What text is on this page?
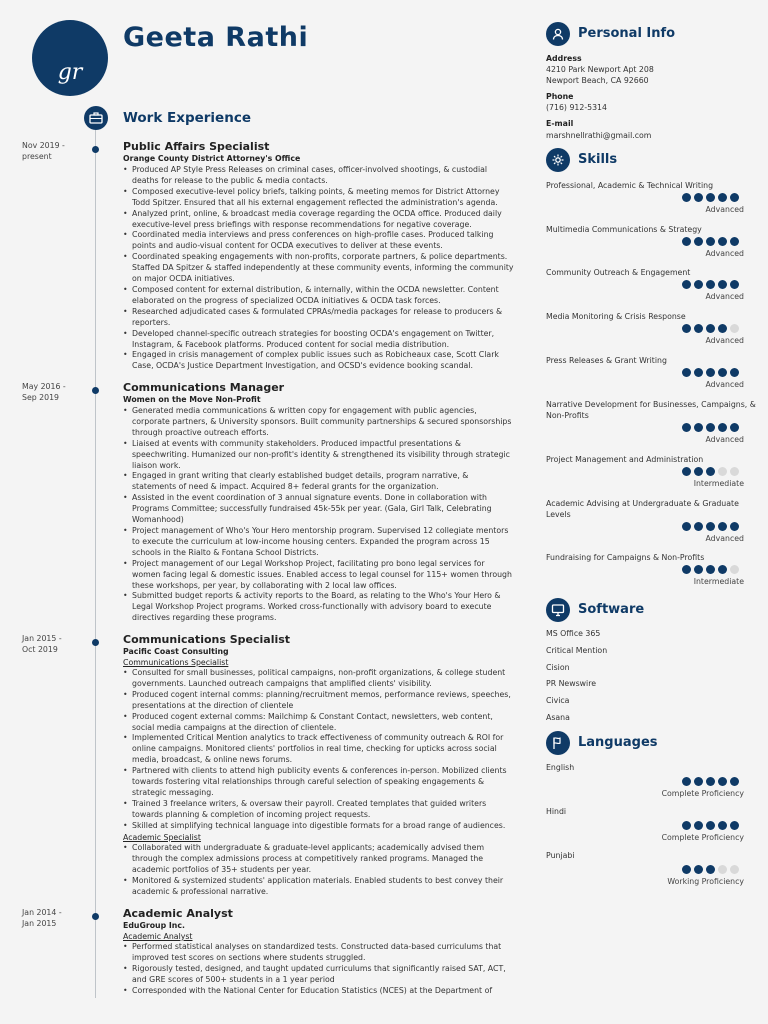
gr
Geeta Rathi
Work Experience
Nov 2019 -
present
Public Affairs Specialist
Orange County District Attorney's Office
• Produced AP Style Press Releases on criminal cases, officer-involved shootings, & custodial deaths for release to the public & media contacts.
• Composed executive-level policy briefs, talking points, & meeting memos for District Attorney Todd Spitzer. Ensured that all his external engagement reflected the administration's agenda.
• Analyzed print, online, & broadcast media coverage regarding the OCDA office. Produced daily executive-level press briefings with response recommendations for negative coverage.
• Coordinated media interviews and press conferences on high-profile cases. Produced talking points and audio-visual content for OCDA executives to deliver at these events.
• Coordinated speaking engagements with non-profits, corporate partners, & police departments. Staffed DA Spitzer & staffed independently at these community events, informing the community on major OCDA initiatives.
• Composed content for external distribution, & internally, within the OCDA newsletter. Content elaborated on the progress of specialized OCDA initiatives & OCDA task forces.
• Researched adjudicated cases & formulated CPRAs/media packages for release to producers & reporters.
• Developed channel-specific outreach strategies for boosting OCDA's engagement on Twitter, Instagram, & Facebook platforms. Produced content for social media distribution.
• Engaged in crisis management of complex public issues such as Robicheaux case, Scott Clark Case, OCDA's Justice Department Investigation, and OCSD's evidence booking scandal.
May 2016 -
Sep 2019
Communications Manager
Women on the Move Non-Profit
• Generated media communications & written copy for engagement with public agencies, corporate partners, & University sponsors. Built community partnerships & secured sponsorships through proactive outreach efforts.
• Liaised at events with community stakeholders. Produced impactful presentations & speechwriting. Humanized our non-profit's identity & strengthened its visibility through strategic liaison work.
• Engaged in grant writing that clearly established budget details, program narrative, & statements of need & impact. Acquired 8+ federal grants for the organization.
• Assisted in the event coordination of 3 annual signature events. Done in collaboration with Programs Committee; successfully fundraised 45k-55k per year. (Gala, Girl Talk, Celebrating Womanhood)
• Project management of Who's Your Hero mentorship program. Supervised 12 collegiate mentors to execute the curriculum at low-income housing centers. Expanded the program across 15 schools in the Rialto & Fontana School Districts.
• Project management of our Legal Workshop Project, facilitating pro bono legal services for women facing legal & domestic issues. Enabled access to legal counsel for 115+ women through these workshops, per year, by collaborating with 2 local law offices.
• Submitted budget reports & activity reports to the Board, as relating to the Who's Your Hero & Legal Workshop Project programs. Worked cross-functionally with advisory board to execute directives regarding these programs.
Jan 2015 -
Oct 2019
Communications Specialist
Pacific Coast Consulting
Communications Specialist
• Consulted for small businesses, political campaigns, non-profit organizations, & college student governments. Launched outreach campaigns that amplified clients' visibility.
• Produced cogent internal comms: planning/recruitment memos, performance reviews, speeches, presentations at the direction of clientele
• Produced cogent external comms: Mailchimp & Constant Contact, newsletters, web content, social media campaigns at the direction of clientele.
• Implemented Critical Mention analytics to track effectiveness of community outreach & ROI for online campaigns. Monitored clients' portfolios in real time, checking for upticks across social media, broadcast, & online news forums.
• Partnered with clients to attend high publicity events & conferences in-person. Mobilized clients towards fostering vital relationships through careful selection of speaking engagements & strategic messaging.
• Trained 3 freelance writers, & oversaw their payroll. Created templates that guided writers towards planning & completion of incoming project requests.
• Skilled at simplifying technical language into digestible formats for a broad range of audiences.
Academic Specialist
• Collaborated with undergraduate & graduate-level applicants; academically advised them through the complex admissions process at competitively ranked programs. Managed the academic portfolios of 35+ students per year.
• Monitored & systemized students' application materials. Enabled students to best convey their academic & professional narrative.
Jan 2014 -
Jan 2015
Academic Analyst
EduGroup Inc.
Academic Analyst
• Performed statistical analyses on standardized tests. Constructed data-based curriculums that improved test scores on sections where students struggled.
• Rigorously tested, designed, and taught updated curriculums that significantly raised SAT, ACT, and GRE scores of 500+ students in a 1 year period
• Corresponded with the National Center for Education Statistics (NCES) at the Department of
Personal Info
Address
4210 Park Newport Apt 208
Newport Beach, CA 92660
Phone
(716) 912-5314
E-mail
marshnellrathi@gmail.com
Skills
Professional, Academic & Technical Writing
Advanced
Multimedia Communications & Strategy
Advanced
Community Outreach & Engagement
Advanced
Media Monitoring & Crisis Response
Advanced
Press Releases & Grant Writing
Advanced
Narrative Development for Businesses, Campaigns, & Non-Profits
Advanced
Project Management and Administration
Intermediate
Academic Advising at Undergraduate & Graduate Levels
Advanced
Fundraising for Campaigns & Non-Profits
Intermediate
Software
MS Office 365
Critical Mention
Cision
PR Newswire
Civica
Asana
Languages
English
Complete Proficiency
Hindi
Complete Proficiency
Punjabi
Working Proficiency
